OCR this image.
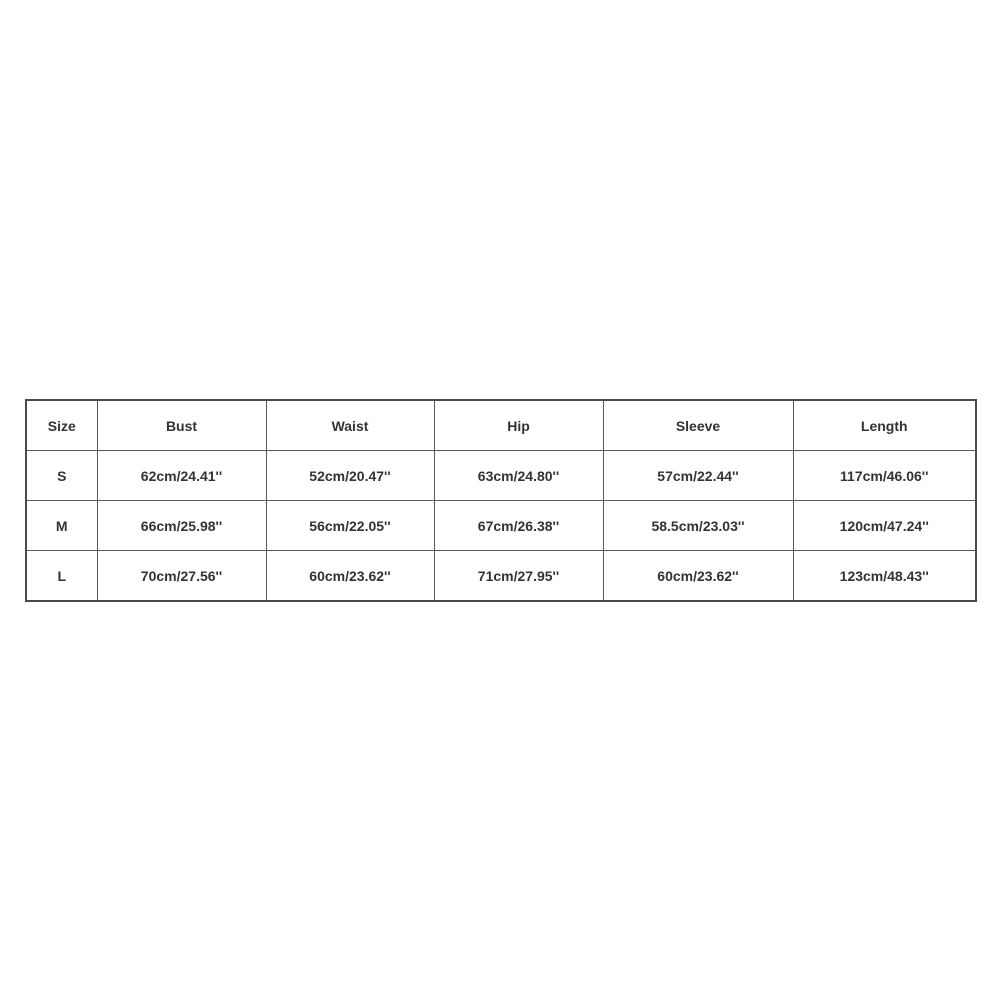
Size	Bust	Waist	Hip	Sleeve	Length
S	62cm/24.41''	52cm/20.47''	63cm/24.80''	57cm/22.44''	117cm/46.06''
M	66cm/25.98''	56cm/22.05''	67cm/26.38''	58.5cm/23.03''	120cm/47.24''
L	70cm/27.56''	60cm/23.62''	71cm/27.95''	60cm/23.62''	123cm/48.43''
